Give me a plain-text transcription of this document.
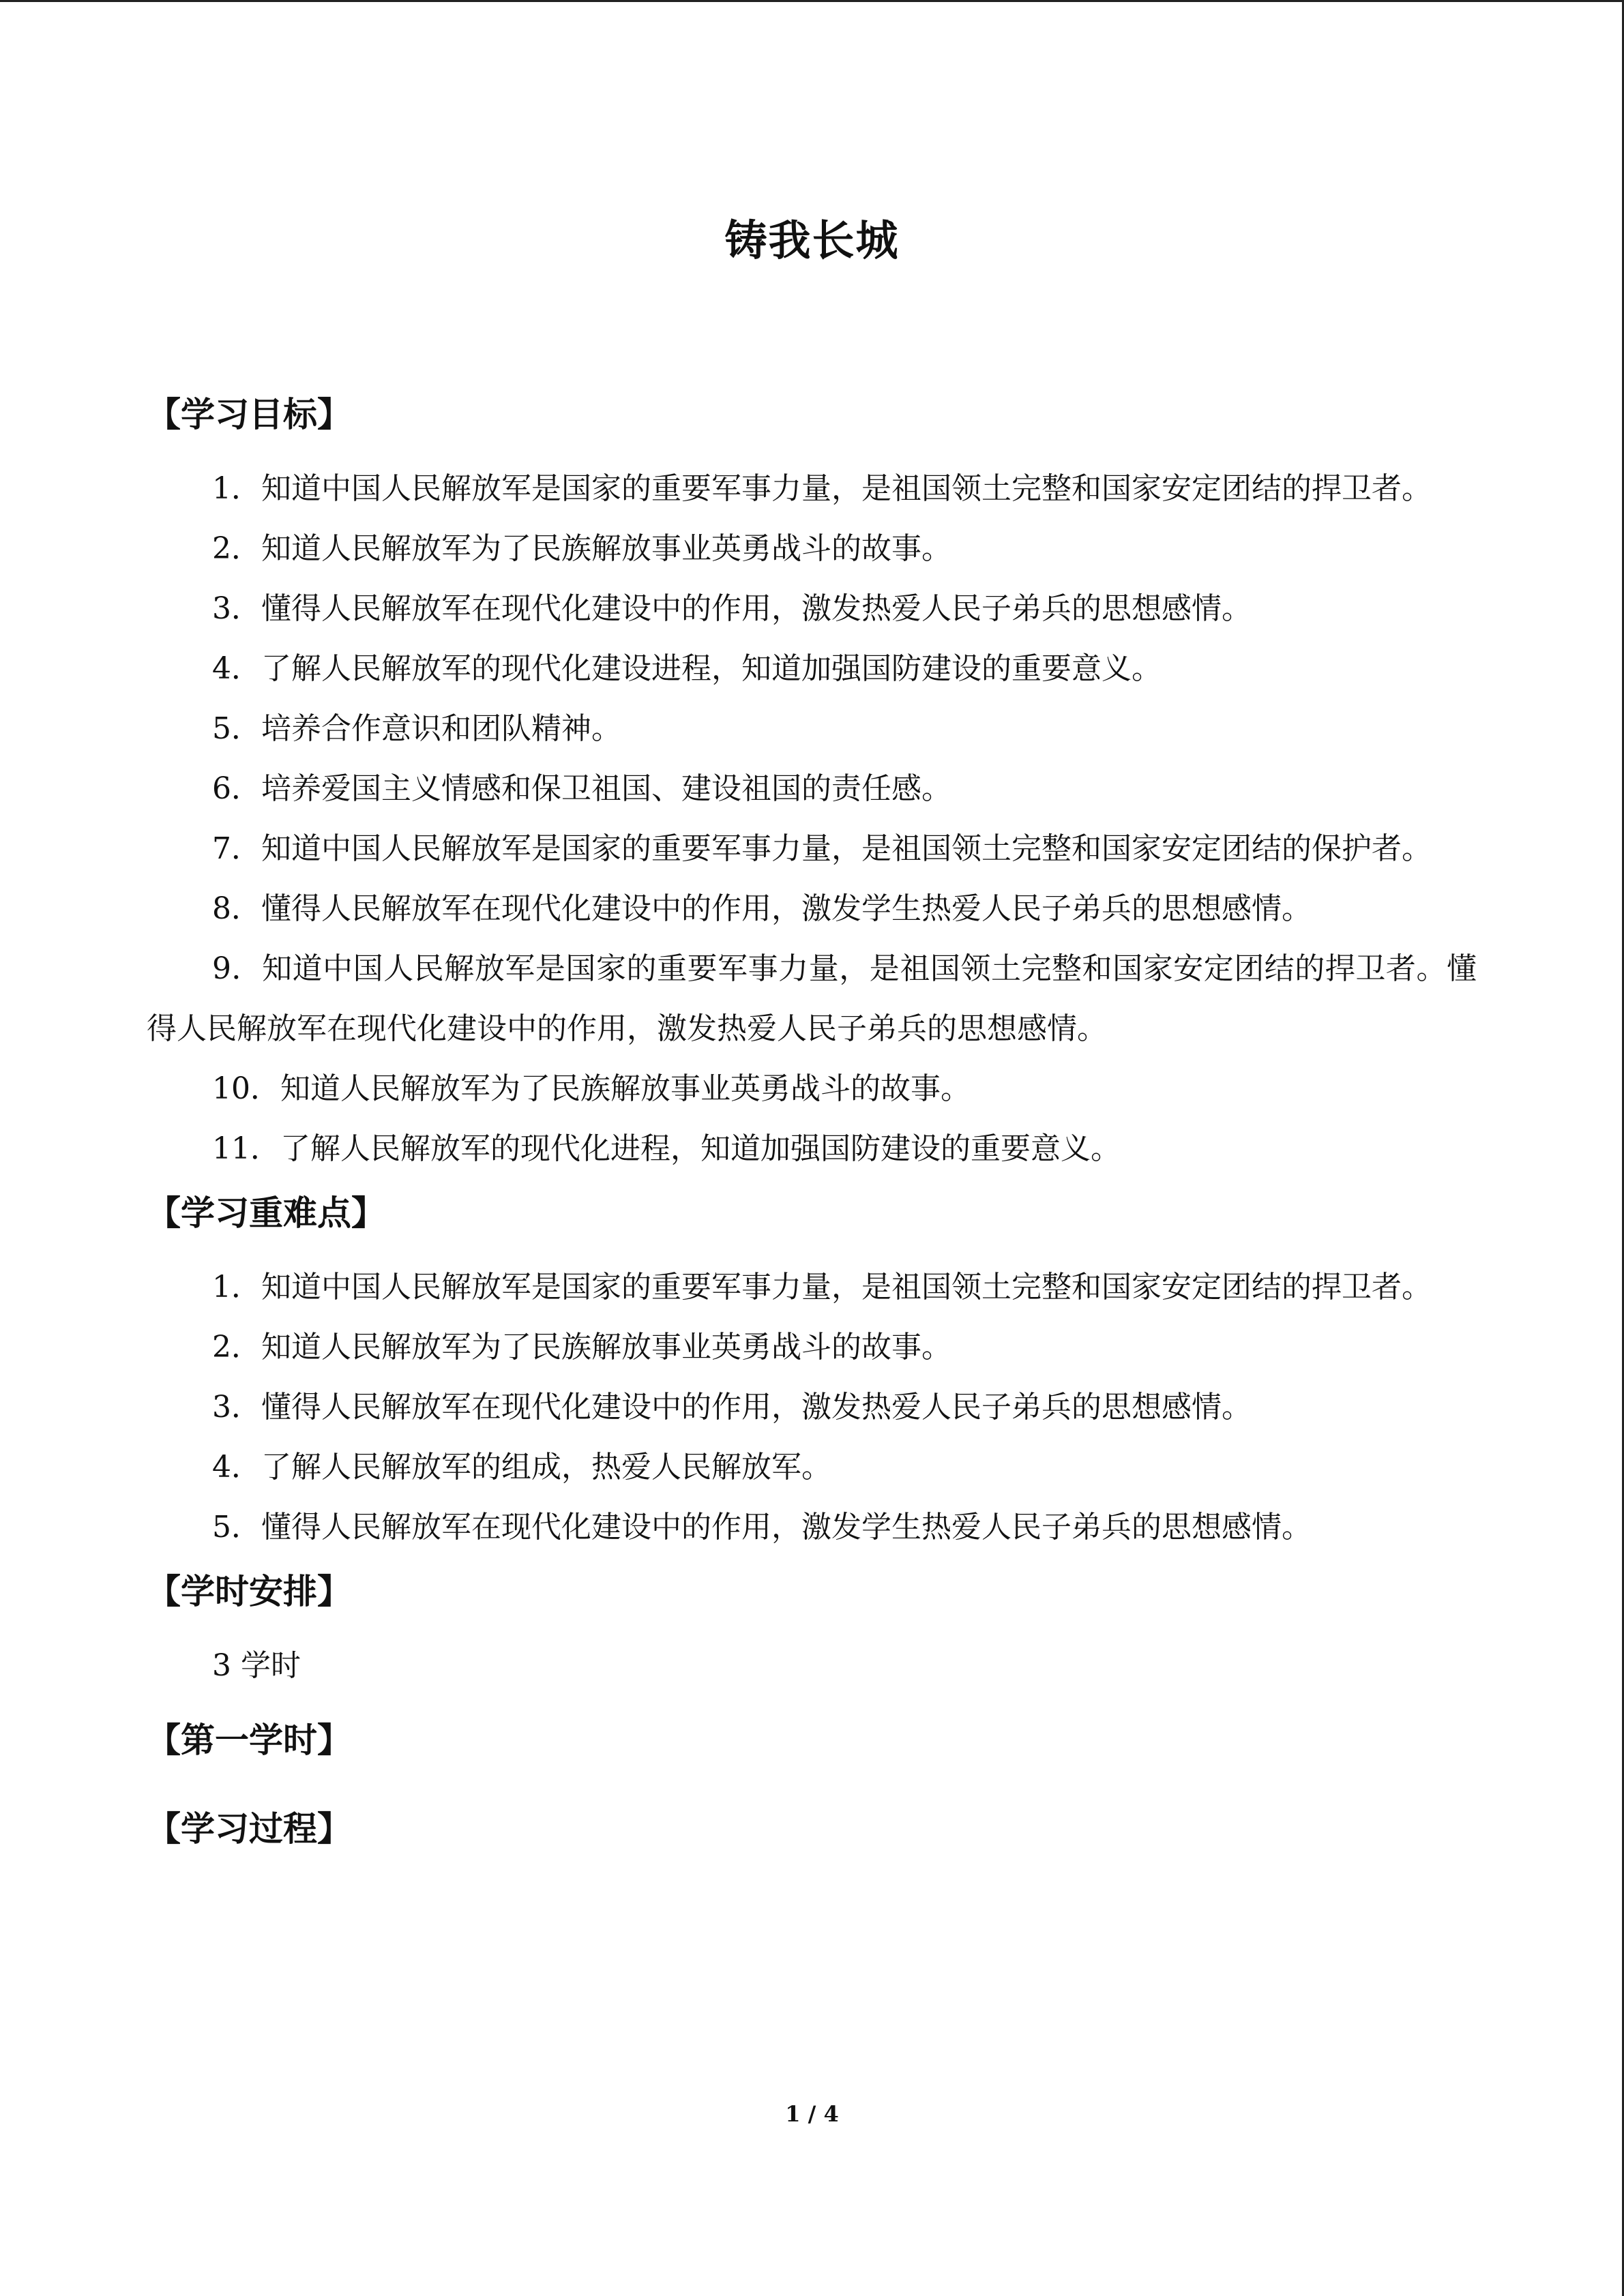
铸我长城
【学习目标】

1．知道中国人民解放军是国家的重要军事力量，是祖国领土完整和国家安定团结的捍卫者。

2．知道人民解放军为了民族解放事业英勇战斗的故事。

3．懂得人民解放军在现代化建设中的作用，激发热爱人民子弟兵的思想感情。

4．了解人民解放军的现代化建设进程，知道加强国防建设的重要意义。

5．培养合作意识和团队精神。

6．培养爱国主义情感和保卫祖国、建设祖国的责任感。

7．知道中国人民解放军是国家的重要军事力量，是祖国领土完整和国家安定团结的保护者。

8．懂得人民解放军在现代化建设中的作用，激发学生热爱人民子弟兵的思想感情。

9．知道中国人民解放军是国家的重要军事力量，是祖国领土完整和国家安定团结的捍卫者。懂得人民解放军在现代化建设中的作用，激发热爱人民子弟兵的思想感情。

10．知道人民解放军为了民族解放事业英勇战斗的故事。

11．了解人民解放军的现代化进程，知道加强国防建设的重要意义。

【学习重难点】

1．知道中国人民解放军是国家的重要军事力量，是祖国领土完整和国家安定团结的捍卫者。

2．知道人民解放军为了民族解放事业英勇战斗的故事。

3．懂得人民解放军在现代化建设中的作用，激发热爱人民子弟兵的思想感情。

4．了解人民解放军的组成，热爱人民解放军。

5．懂得人民解放军在现代化建设中的作用，激发学生热爱人民子弟兵的思想感情。

【学时安排】

3 学时

【第一学时】
【学习过程】
1 / 4
